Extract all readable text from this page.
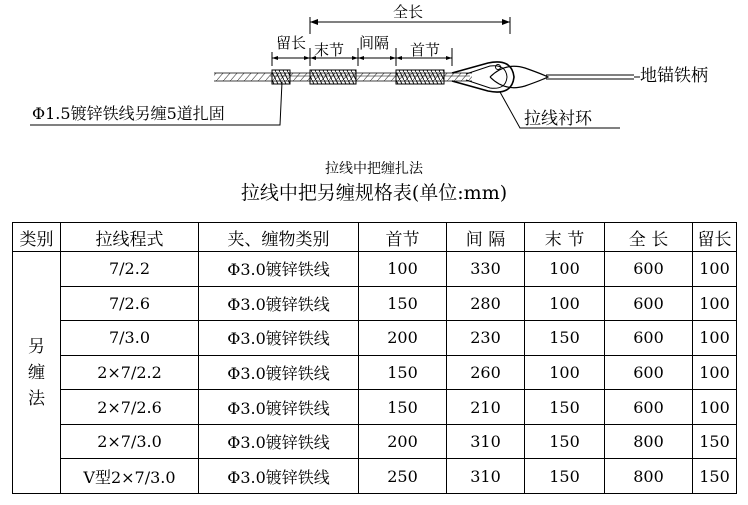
全长
留长 末节 间隔 首节
地锚铁柄
Φ1.5镀锌铁线另缠5道扎固	拉线衬环
拉线中把缠扎法
拉线中把另缠规格表(单位:mm)
类别	拉线程式	夹、缠物类别	首节	间 隔	末 节	全 长	留长

另
缠
法	7/2.2	Φ3.0镀锌铁线	100	330	100	600	100
	7/2.6	Φ3.0镀锌铁线	150	280	100	600	100
	7/3.0	Φ3.0镀锌铁线	200	230	150	600	100
	2×7/2.2	Φ3.0镀锌铁线	150	260	100	600	100
	2×7/2.6	Φ3.0镀锌铁线	150	210	150	600	100
	2×7/3.0	Φ3.0镀锌铁线	200	310	150	800	150
	V型2×7/3.0	Φ3.0镀锌铁线	250	310	150	800	150
